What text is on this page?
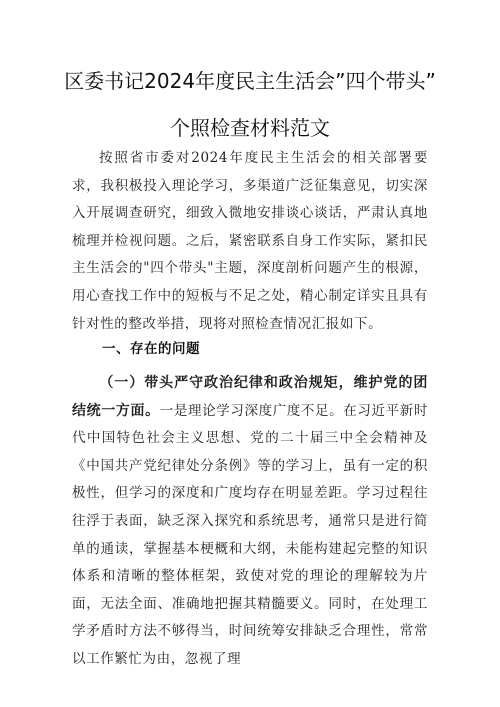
区委书记2024年度民主生活会”四个带头”
个照检查材料范文
按照省市委对2024年度民主生活会的相关部署要求，我积极投入理论学习，多渠道广泛征集意见，切实深入开展调查研究，细致入微地安排谈心谈话，严肃认真地梳理并检视问题。之后，紧密联系自身工作实际，紧扣民主生活会的"四个带头"主题，深度剖析问题产生的根源，用心查找工作中的短板与不足之处，精心制定详实且具有针对性的整改举措，现将对照检查情况汇报如下。
一、存在的问题
（一）带头严守政治纪律和政治规矩，维护党的团结统一方面。一是理论学习深度广度不足。在习近平新时代中国特色社会主义思想、党的二十届三中全会精神及《中国共产党纪律处分条例》等的学习上，虽有一定的积极性，但学习的深度和广度均存在明显差距。学习过程往往浮于表面，缺乏深入探究和系统思考，通常只是进行简单的通读，掌握基本梗概和大纲，未能构建起完整的知识体系和清晰的整体框架，致使对党的理论的理解较为片面，无法全面、准确地把握其精髓要义。同时，在处理工学矛盾时方法不够得当，时间统筹安排缺乏合理性，常常以工作繁忙为由，忽视了理
